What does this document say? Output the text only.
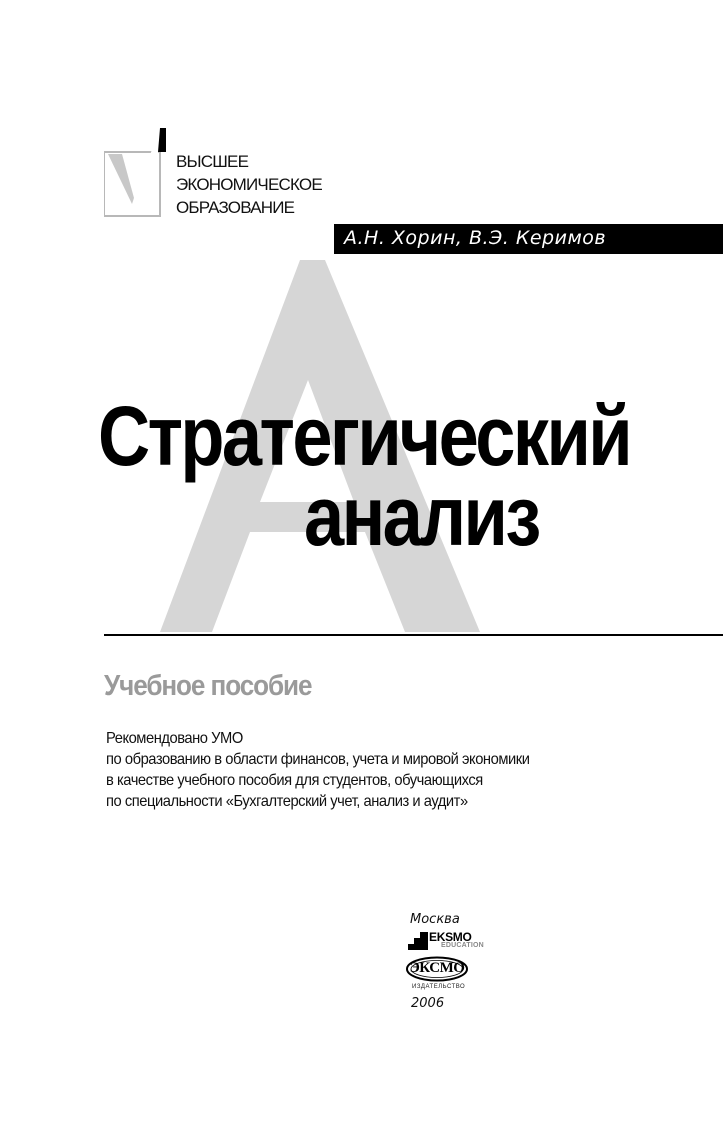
ВЫСШЕЕ
ЭКОНОМИЧЕСКОЕ
ОБРАЗОВАНИЕ
А.Н. Хорин, В.Э. Керимов
Стратегический
анализ
Учебное пособие
Рекомендовано УМО
по образованию в области финансов, учета и мировой экономики
в качестве учебного пособия для студентов, обучающихся
по специальности «Бухгалтерский учет, анализ и аудит»
Москва
EKSMO
EDUCATION
ЭКСМО
ИЗДАТЕЛЬСТВО
2006
